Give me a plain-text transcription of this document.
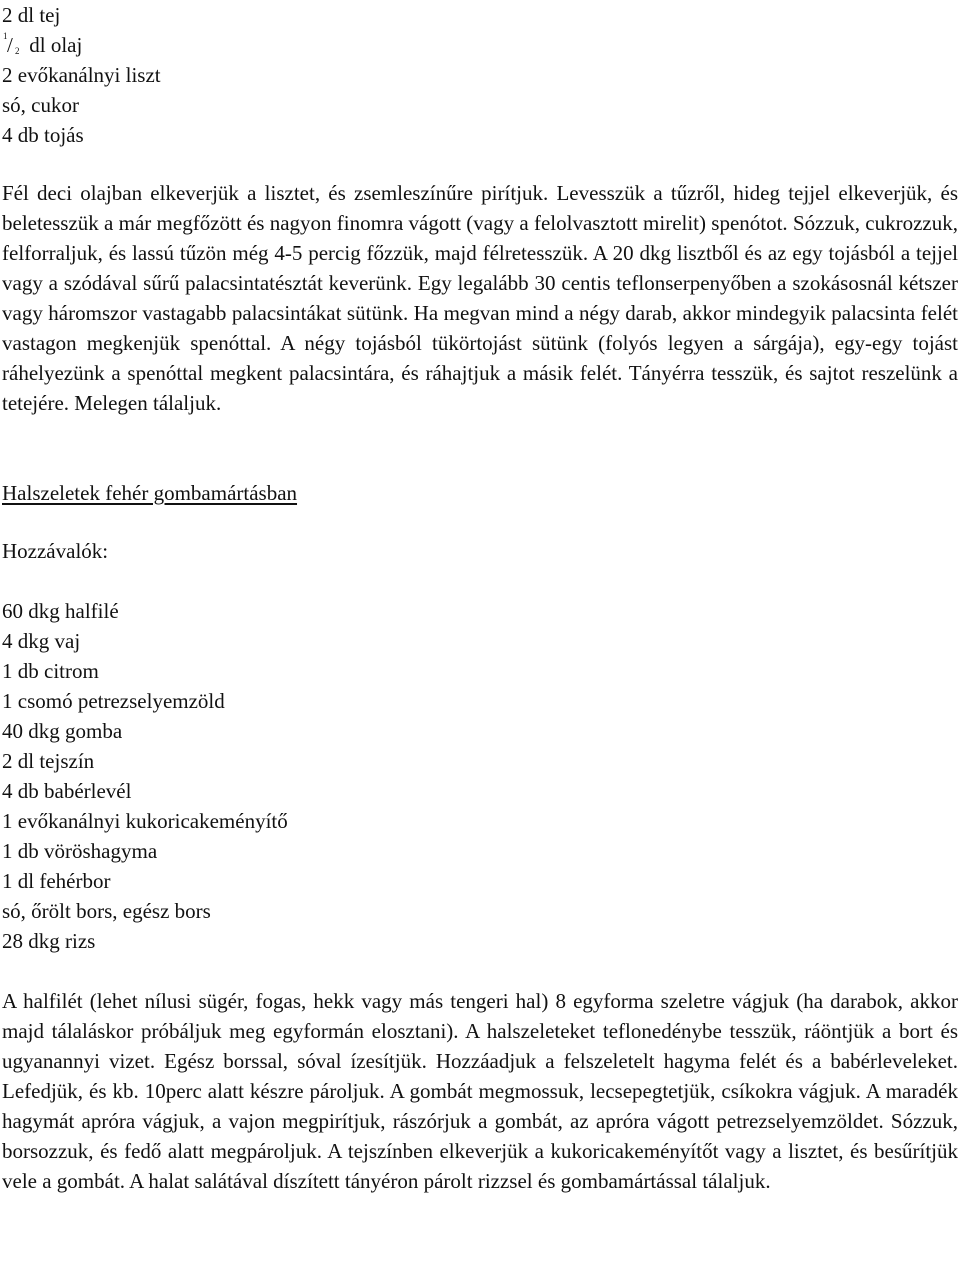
2 dl tej
1 / 2 dl olaj
2 evőkanálnyi liszt
só, cukor
4 db tojás

Fél deci olajban elkeverjük a lisztet, és zsemleszínűre pirítjuk. Levesszük a tűzről, hideg tejjel elkeverjük, és beletesszük a már megfőzött és nagyon finomra vágott (vagy a felolvasztott mirelit) spenótot. Sózzuk, cukrozzuk, felforraljuk, és lassú tűzön még 4-5 percig főzzük, majd félretesszük. A 20 dkg lisztből és az egy tojásból a tejjel vagy a szódával sűrű palacsintatésztát keverünk. Egy legalább 30 centis teflonserpenyőben a szokásosnál kétszer vagy háromszor vastagabb palacsintákat sütünk. Ha megvan mind a négy darab, akkor mindegyik palacsinta felét vastagon megkenjük spenóttal. A négy tojásból tükörtojást sütünk (folyós legyen a sárgája), egy-egy tojást ráhelyezünk a spenóttal megkent palacsintára, és ráhajtjuk a másik felét. Tányérra tesszük, és sajtot reszelünk a tetejére. Melegen tálaljuk.

Halszeletek fehér gombamártásban

Hozzávalók:

60 dkg halfilé
4 dkg vaj
1 db citrom
1 csomó petrezselyemzöld
40 dkg gomba
2 dl tejszín
4 db babérlevél
1 evőkanálnyi kukoricakeményítő
1 db vöröshagyma
1 dl fehérbor
só, őrölt bors, egész bors
28 dkg rizs

A halfilét (lehet nílusi sügér, fogas, hekk vagy más tengeri hal) 8 egyforma szeletre vágjuk (ha darabok, akkor majd tálaláskor próbáljuk meg egyformán elosztani). A halszeleteket teflonedénybe tesszük, ráöntjük a bort és ugyanannyi vizet. Egész borssal, sóval ízesítjük. Hozzáadjuk a felszeletelt hagyma felét és a babérleveleket. Lefedjük, és kb. 10perc alatt készre pároljuk. A gombát megmossuk, lecsepegtetjük, csíkokra vágjuk. A maradék hagymát apróra vágjuk, a vajon megpirítjuk, rászórjuk a gombát, az apróra vágott petrezselyemzöldet. Sózzuk, borsozzuk, és fedő alatt megpároljuk. A tejszínben elkeverjük a kukoricakeményítőt vagy a lisztet, és besűrítjük vele a gombát. A halat salátával díszített tányéron párolt rizzsel és gombamártással tálaljuk.
